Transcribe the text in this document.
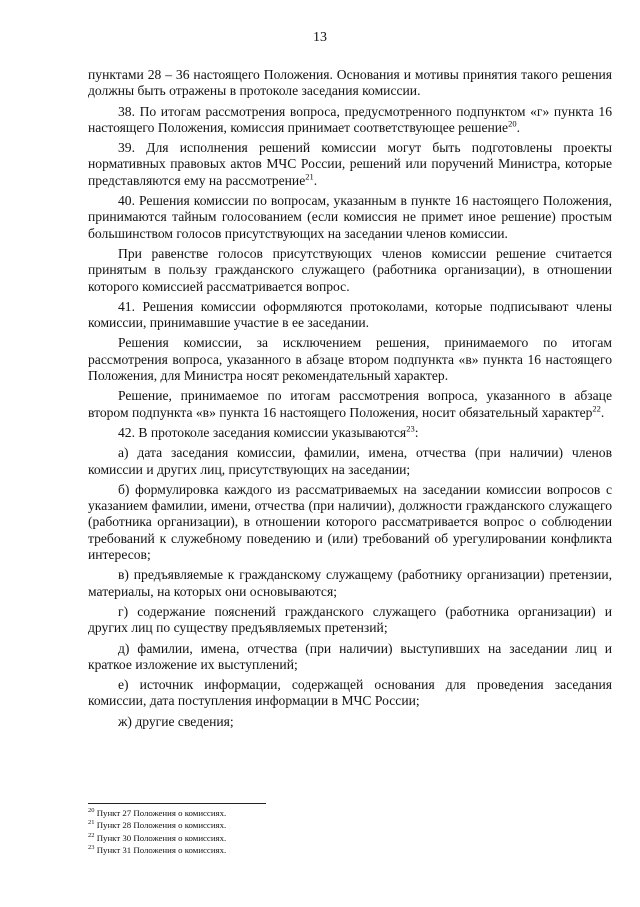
13

пунктами 28 – 36 настоящего Положения. Основания и мотивы принятия такого решения должны быть отражены в протоколе заседания комиссии.

38. По итогам рассмотрения вопроса, предусмотренного подпунктом «г» пункта 16 настоящего Положения, комиссия принимает соответствующее решение$^{20}$.

39. Для исполнения решений комиссии могут быть подготовлены проекты нормативных правовых актов МЧС России, решений или поручений Министра, которые представляются ему на рассмотрение$^{21}$.

40. Решения комиссии по вопросам, указанным в пункте 16 настоящего Положения, принимаются тайным голосованием (если комиссия не примет иное решение) простым большинством голосов присутствующих на заседании членов комиссии.

При равенстве голосов присутствующих членов комиссии решение считается принятым в пользу гражданского служащего (работника организации), в отношении которого комиссией рассматривается вопрос.

41. Решения комиссии оформляются протоколами, которые подписывают члены комиссии, принимавшие участие в ее заседании.

Решения комиссии, за исключением решения, принимаемого по итогам рассмотрения вопроса, указанного в абзаце втором подпункта «в» пункта 16 настоящего Положения, для Министра носят рекомендательный характер.

Решение, принимаемое по итогам рассмотрения вопроса, указанного в абзаце втором подпункта «в» пункта 16 настоящего Положения, носит обязательный характер$^{22}$.

42. В протоколе заседания комиссии указываются$^{23}$:

а) дата заседания комиссии, фамилии, имена, отчества (при наличии) членов комиссии и других лиц, присутствующих на заседании;

б) формулировка каждого из рассматриваемых на заседании комиссии вопросов с указанием фамилии, имени, отчества (при наличии), должности гражданского служащего (работника организации), в отношении которого рассматривается вопрос о соблюдении требований к служебному поведению и (или) требований об урегулировании конфликта интересов;

в) предъявляемые к гражданскому служащему (работнику организации) претензии, материалы, на которых они основываются;

г) содержание пояснений гражданского служащего (работника организации) и других лиц по существу предъявляемых претензий;

д) фамилии, имена, отчества (при наличии) выступивших на заседании лиц и краткое изложение их выступлений;

е) источник информации, содержащей основания для проведения заседания комиссии, дата поступления информации в МЧС России;

ж) другие сведения;

$^{20}$ Пункт 27 Положения о комиссиях.
$^{21}$ Пункт 28 Положения о комиссиях.
$^{22}$ Пункт 30 Положения о комиссиях.
$^{23}$ Пункт 31 Положения о комиссиях.
